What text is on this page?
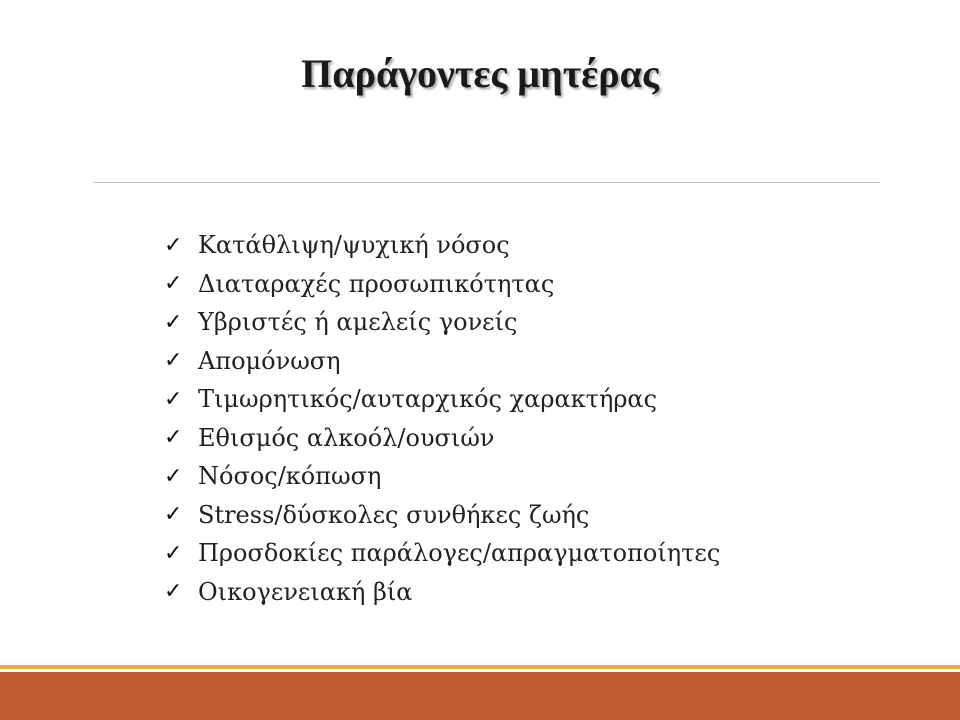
Παράγοντες μητέρας
✓ Κατάθλιψη/ψυχική νόσος
✓ Διαταραχές προσωπικότητας
✓ Υβριστές ή αμελείς γονείς
✓ Απομόνωση
✓ Τιμωρητικός/αυταρχικός χαρακτήρας
✓ Εθισμός αλκοόλ/ουσιών
✓ Νόσος/κόπωση
✓ Stress/δύσκολες συνθήκες ζωής
✓ Προσδοκίες παράλογες/απραγματοποίητες
✓ Οικογενειακή βία
